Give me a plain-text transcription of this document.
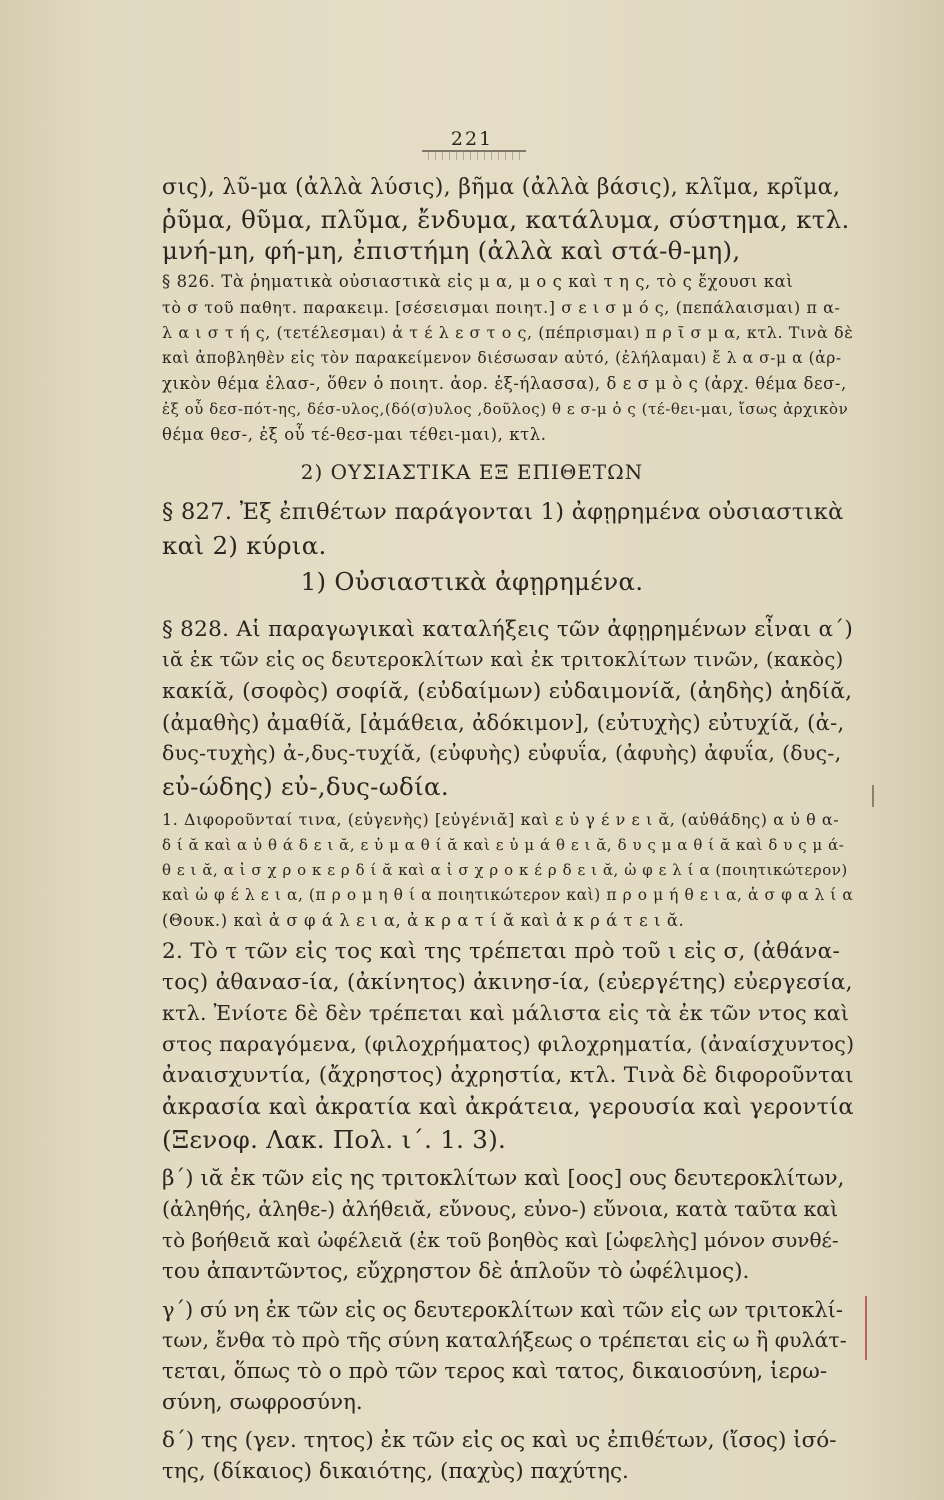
221
σις), λῦ-μα (ἀλλὰ λύσις), βῆμα (ἀλλὰ βάσις), κλῖμα, κρῖμα,
ῥῦμα, θῦμα, πλῦμα, ἔνδυμα, κατάλυμα, σύστημα, κτλ.
μνή-μη, φή-μη, ἐπιστήμη (ἀλλὰ καὶ στά-θ-μη),
§ 826. Τὰ ῥηματικὰ οὐσιαστικὰ εἰς μ α, μ ο ς καὶ τ η ς, τὸ ς ἔχουσι καὶ
τὸ σ τοῦ παθητ. παρακειμ. [σέσεισμαι ποιητ.] σ ε ι σ μ ό ς, (πεπάλαισμαι) π α-
λ α ι σ τ ή ς, (τετέλεσμαι) ἀ τ έ λ ε σ τ ο ς, (πέπρισμαι) π ρ ῖ σ μ α, κτλ. Τινὰ δὲ
καὶ ἀποβληθὲν εἰς τὸν παρακείμενον διέσωσαν αὐτό, (ἐλήλαμαι) ἔ λ α σ-μ α (ἀρ-
χικὸν θέμα ἐλασ-, ὅθεν ὁ ποιητ. ἀορ. ἐξ-ήλασσα), δ ε σ μ ὸ ς (ἀρχ. θέμα δεσ-,
ἐξ οὗ δεσ-πότ-ης, δέσ-υλος,(δό(σ)υλος ,δοῦλος) θ ε σ-μ ὁ ς (τέ-θει-μαι, ἴσως ἀρχικὸν
θέμα θεσ-, ἐξ οὗ τέ-θεσ-μαι τέθει-μαι), κτλ.
2) ΟΥΣΙΑΣΤΙΚΑ ΕΞ ΕΠΙΘΕΤΩΝ
§ 827. Ἐξ ἐπιθέτων παράγονται 1) ἀφῃρημένα οὐσιαστικὰ
καὶ 2) κύρια.
1) Οὐσιαστικὰ ἀφῃρημένα.
§ 828. Αἱ παραγωγικαὶ καταλήξεις τῶν ἀφῃρημένων εἶναι α΄)
ιᾰ ἐκ τῶν εἰς ος δευτεροκλίτων καὶ ἐκ τριτοκλίτων τινῶν, (κακὸς)
κακίᾰ, (σοφὸς) σοφίᾰ, (εὐδαίμων) εὐδαιμονίᾰ, (ἀηδὴς) ἀηδίᾰ,
(ἀμαθὴς) ἀμαθίᾰ, [ἀμάθεια, ἀδόκιμον], (εὐτυχὴς) εὐτυχίᾰ, (ἀ-,
δυς-τυχὴς) ἀ-,δυς-τυχίᾰ, (εὐφυὴς) εὐφυΐα, (ἀφυὴς) ἀφυΐα, (δυς-,
εὐ-ώδης) εὐ-,δυς-ωδία.
1. Διφοροῦνταί τινα, (εὐγενὴς) [εὐγένιᾰ] καὶ ε ὐ γ έ ν ε ι ᾰ, (αὐθάδης) α ὐ θ α-
δ ί ᾰ καὶ α ὐ θ ά δ ε ι ᾰ, ε ὐ μ α θ ί ᾰ καὶ ε ὐ μ ά θ ε ι ᾰ, δ υ ς μ α θ ί ᾰ καὶ δ υ ς μ ά-
θ ε ι ᾰ, α ἰ σ χ ρ ο κ ε ρ δ ί ᾰ καὶ α ἰ σ χ ρ ο κ έ ρ δ ε ι ᾰ, ὠ φ ε λ ί α (ποιητικώτερον)
καὶ ὠ φ έ λ ε ι α, (π ρ ο μ η θ ί α ποιητικώτερον καὶ) π ρ ο μ ή θ ε ι α, ἀ σ φ α λ ί α
(Θουκ.) καὶ ἀ σ φ ά λ ε ι α, ἀ κ ρ α τ ί ᾰ καὶ ἀ κ ρ ά τ ε ι ᾰ.
2. Τὸ τ τῶν εἰς τος καὶ της τρέπεται πρὸ τοῦ ι εἰς σ, (ἀθάνα-
τος) ἀθανασ-ία, (ἀκίνητος) ἀκινησ-ία, (εὐεργέτης) εὐεργεσία,
κτλ. Ἐνίοτε δὲ δὲν τρέπεται καὶ μάλιστα εἰς τὰ ἐκ τῶν ντος καὶ
στος παραγόμενα, (φιλοχρήματος) φιλοχρηματία, (ἀναίσχυντος)
ἀναισχυντία, (ἄχρηστος) ἀχρηστία, κτλ. Τινὰ δὲ διφοροῦνται
ἀκρασία καὶ ἀκρατία καὶ ἀκράτεια, γερουσία καὶ γεροντία
(Ξενοφ. Λακ. Πολ. ι΄. 1. 3).
β΄) ιᾰ ἐκ τῶν εἰς ης τριτοκλίτων καὶ [οος] ους δευτεροκλίτων,
(ἀληθής, ἀληθε-) ἀλήθειᾰ, εὔνους, εὐνο-) εὔνοια, κατὰ ταῦτα καὶ
τὸ βοήθειᾰ καὶ ὠφέλειᾰ (ἐκ τοῦ βοηθὸς καὶ [ὠφελὴς] μόνον συνθέ-
του ἀπαντῶντος, εὔχρηστον δὲ ἁπλοῦν τὸ ὠφέλιμος).
γ΄) σύ νη ἐκ τῶν εἰς ος δευτεροκλίτων καὶ τῶν εἰς ων τριτοκλί-
των, ἔνθα τὸ πρὸ τῆς σύνη καταλήξεως ο τρέπεται εἰς ω ἢ φυλάτ-
τεται, ὅπως τὸ ο πρὸ τῶν τερος καὶ τατος, δικαιοσύνη, ἱερω-
σύνη, σωφροσύνη.
δ΄) της (γεν. τητος) ἐκ τῶν εἰς ος καὶ υς ἐπιθέτων, (ἴσος) ἰσό-
της, (δίκαιος) δικαιότης, (παχὺς) παχύτης.
